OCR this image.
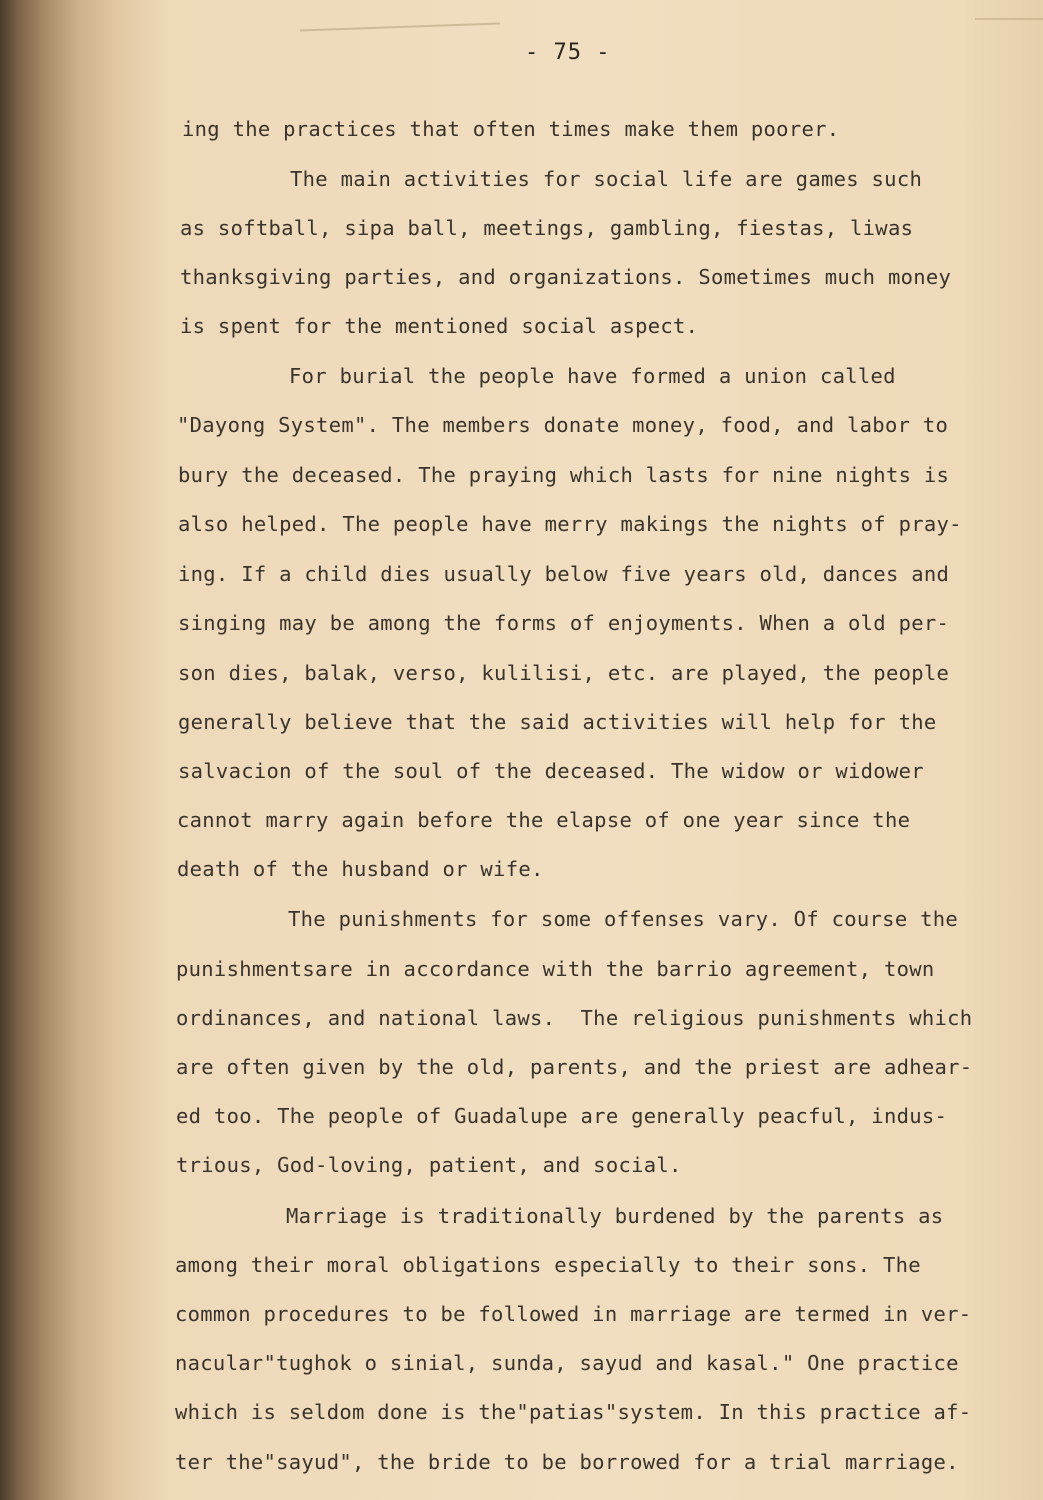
- 75 -
ing the practices that often times make them poorer.
The main activities for social life are games such
as softball, sipa ball, meetings, gambling, fiestas, liwas
thanksgiving parties, and organizations. Sometimes much money
is spent for the mentioned social aspect.
For burial the people have formed a union called
"Dayong System". The members donate money, food, and labor to
bury the deceased. The praying which lasts for nine nights is
also helped. The people have merry makings the nights of pray-
ing. If a child dies usually below five years old, dances and
singing may be among the forms of enjoyments. When a old per-
son dies, balak, verso, kulilisi, etc. are played, the people
generally believe that the said activities will help for the
salvacion of the soul of the deceased. The widow or widower
cannot marry again before the elapse of one year since the
death of the husband or wife.
The punishments for some offenses vary. Of course the
punishmentsare in accordance with the barrio agreement, town
ordinances, and national laws.  The religious punishments which
are often given by the old, parents, and the priest are adhear-
ed too. The people of Guadalupe are generally peacful, indus-
trious, God-loving, patient, and social.
Marriage is traditionally burdened by the parents as
among their moral obligations especially to their sons. The
common procedures to be followed in marriage are termed in ver-
nacular"tughok o sinial, sunda, sayud and kasal." One practice
which is seldom done is the"patias"system. In this practice af-
ter the"sayud", the bride to be borrowed for a trial marriage.
